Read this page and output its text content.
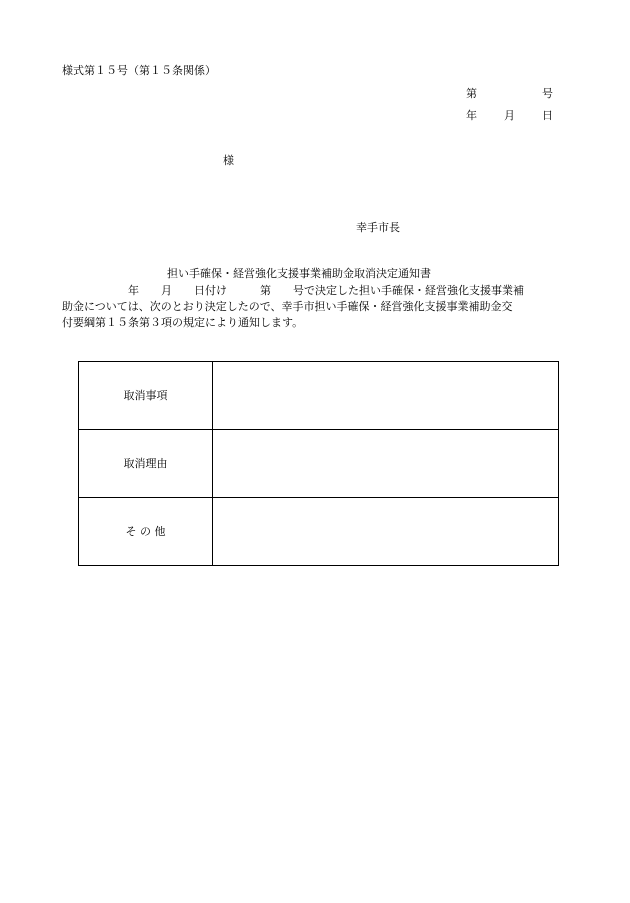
様式第１５号（第１５条関係）
第	号
年 月 日
様
幸手市長
担い手確保・経営強化支援事業補助金取消決定通知書
　　　　　　年　　月　　日付け　　　第　　号で決定した担い手確保・経営強化支援事業補
助金については、次のとおり決定したので、幸手市担い手確保・経営強化支援事業補助金交
付要綱第１５条第３項の規定により通知します。
取消事項	
取消理由	
そ の 他	
